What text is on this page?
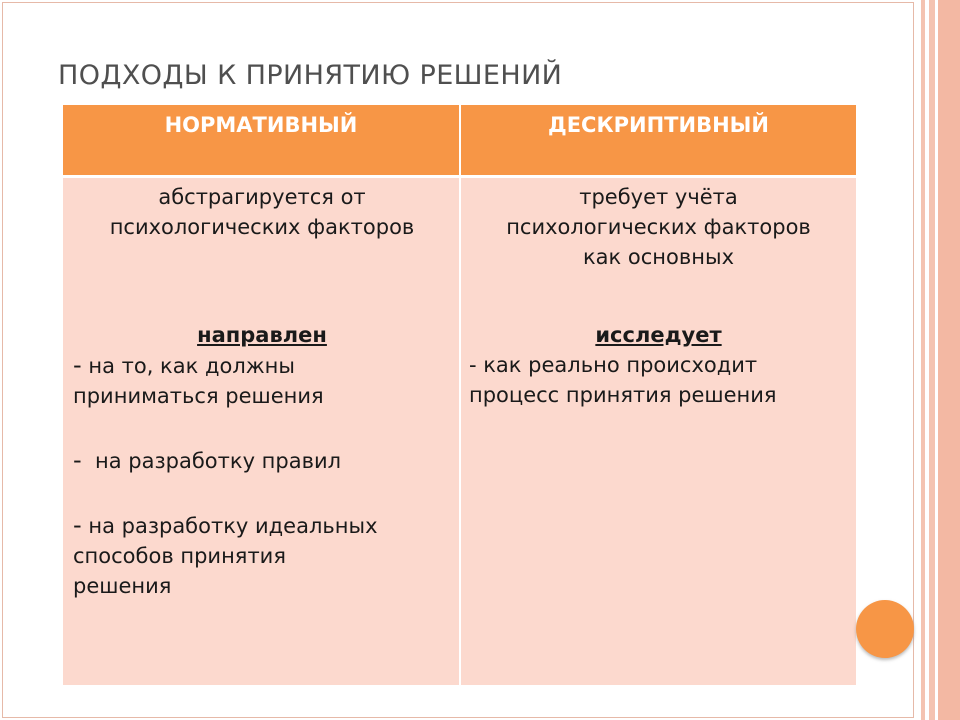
ПОДХОДЫ К ПРИНЯТИЮ РЕШЕНИЙ
НОРМАТИВНЫЙ	ДЕСКРИПТИВНЫЙ
абстрагируется от
психологических факторов
направлен
- на то, как должны
приниматься решения
-  на разработку правил
- на разработку идеальных
способов принятия
решения
требует учёта
психологических факторов
как основных
исследует
- как реально происходит
процесс принятия решения
